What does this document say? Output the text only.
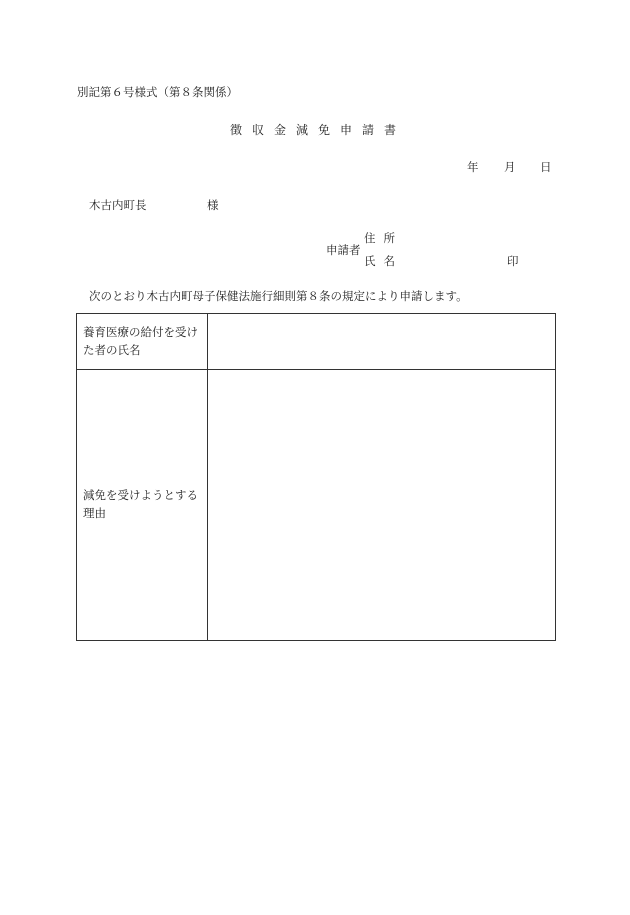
別記第６号様式（第８条関係）
徴収金減免申請書
年 月 日
木古内町長	様
申請者
住所
氏名	印
次のとおり木古内町母子保健法施行細則第８条の規定により申請します。
養育医療の給付を受けた者の氏名	
減免を受けようとする理由	
